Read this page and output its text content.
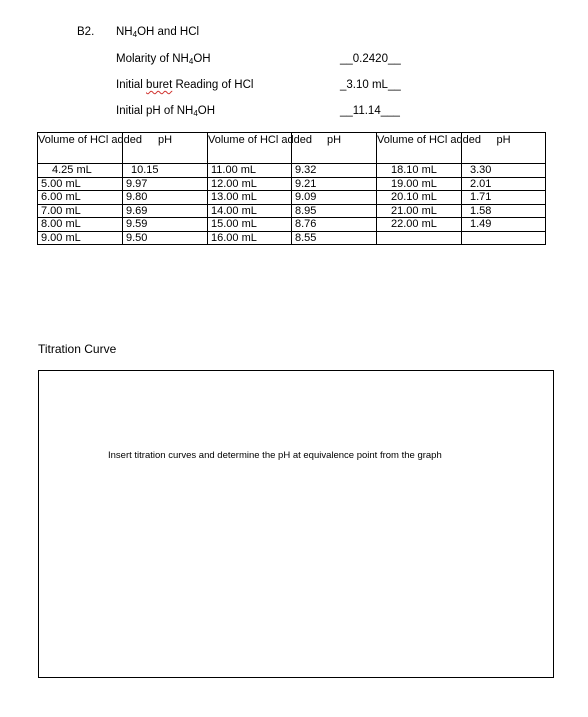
B2. $NH_4OH$ and HCl
Molarity of $NH_4OH$	__0.2420__
Initial buret Reading of HCl	_3.10 mL__
Initial pH of $NH_4OH$	__11.14___
Volume of HCl added	pH	Volume of HCl added	pH	Volume of HCl added	pH
4.25 mL	10.15	11.00 mL	9.32	18.10 mL	3.30
5.00 mL	9.97	12.00 mL	9.21	19.00 mL	2.01
6.00 mL	9.80	13.00 mL	9.09	20.10 mL	1.71
7.00 mL	9.69	14.00 mL	8.95	21.00 mL	1.58
8.00 mL	9.59	15.00 mL	8.76	22.00 mL	1.49
9.00 mL	9.50	16.00 mL	8.55		
Titration Curve
Insert titration curves and determine the pH at equivalence point from the graph
